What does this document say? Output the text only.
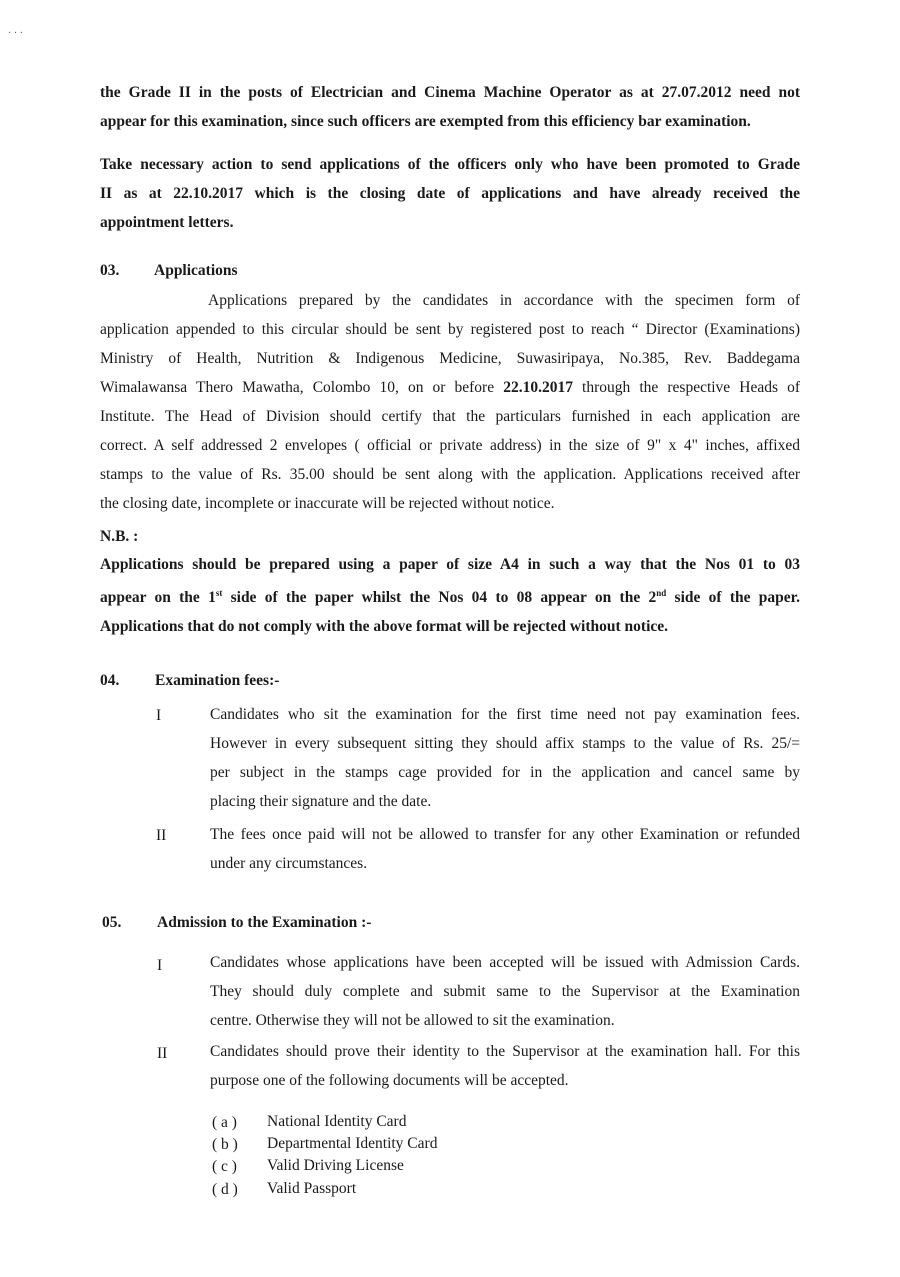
· · ·
the Grade II in the posts of Electrician and Cinema Machine Operator as at 27.07.2012 need not
appear for this examination, since such officers are exempted from this efficiency bar examination.
Take necessary action to send applications of the officers only who have been promoted to Grade
II as at 22.10.2017 which is the closing date of applications and have already received the
appointment letters.
03. Applications
Applications prepared by the candidates in accordance with the specimen form of
application appended to this circular should be sent by registered post to reach “ Director (Examinations)
Ministry of Health, Nutrition & Indigenous Medicine, Suwasiripaya, No.385, Rev. Baddegama
Wimalawansa Thero Mawatha, Colombo 10, on or before 22.10.2017 through the respective Heads of
Institute. The Head of Division should certify that the particulars furnished in each application are
correct. A self addressed 2 envelopes ( official or private address) in the size of 9" x 4" inches, affixed
stamps to the value of Rs. 35.00 should be sent along with the application. Applications received after
the closing date, incomplete or inaccurate will be rejected without notice.
N.B. :
Applications should be prepared using a paper of size A4 in such a way that the Nos 01 to 03
appear on the 1st side of the paper whilst the Nos 04 to 08 appear on the 2nd side of the paper.
Applications that do not comply with the above format will be rejected without notice.
04. Examination fees:-
I	Candidates who sit the examination for the first time need not pay examination fees.
However in every subsequent sitting they should affix stamps to the value of Rs. 25/=
per subject in the stamps cage provided for in the application and cancel same by
placing their signature and the date.
II	The fees once paid will not be allowed to transfer for any other Examination or refunded
under any circumstances.
05. Admission to the Examination :-
I	Candidates whose applications have been accepted will be issued with Admission Cards.
They should duly complete and submit same to the Supervisor at the Examination
centre. Otherwise they will not be allowed to sit the examination.
II	Candidates should prove their identity to the Supervisor at the examination hall. For this
purpose one of the following documents will be accepted.
( a ) National Identity Card
( b ) Departmental Identity Card
( c ) Valid Driving License
( d ) Valid Passport
